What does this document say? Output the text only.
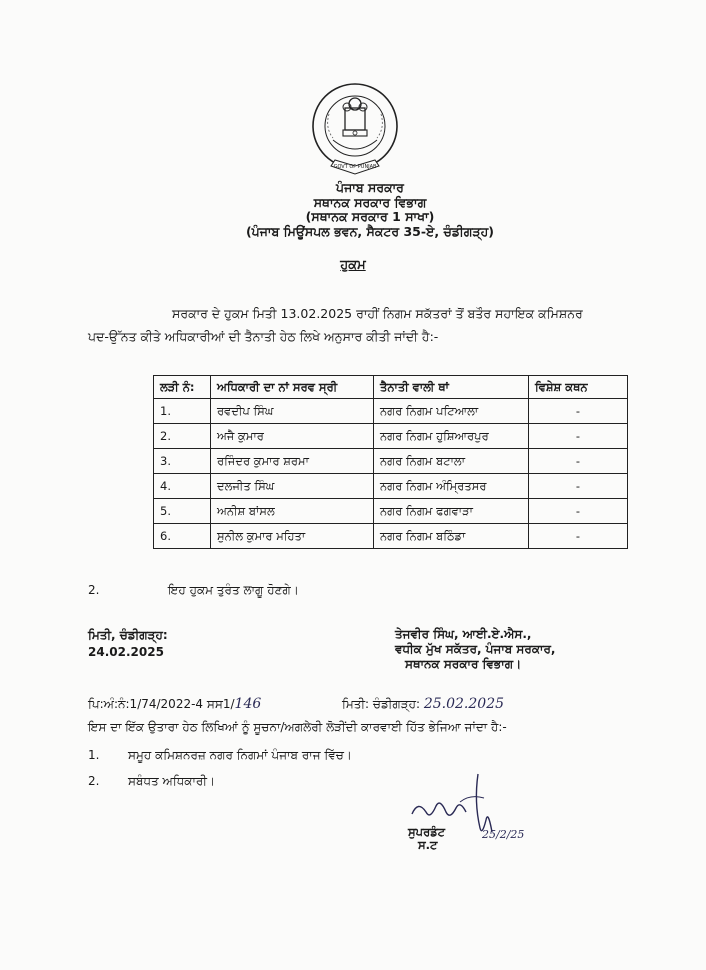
GOVT OF PUNJAB
ਪੰਜਾਬ ਸਰਕਾਰ
ਸਥਾਨਕ ਸਰਕਾਰ ਵਿਭਾਗ
(ਸਥਾਨਕ ਸਰਕਾਰ 1 ਸਾਖਾ)
(ਪੰਜਾਬ ਮਿਊਂਸਪਲ ਭਵਨ, ਸੈਕਟਰ 35-ਏ, ਚੰਡੀਗੜ੍ਹ)
ਹੁਕਮ
ਸਰਕਾਰ ਦੇ ਹੁਕਮ ਮਿਤੀ 13.02.2025 ਰਾਹੀਂ ਨਿਗਮ ਸਕੱਤਰਾਂ ਤੋਂ ਬਤੌਰ ਸਹਾਇਕ ਕਮਿਸ਼ਨਰ
ਪਦ-ਉੱਨਤ ਕੀਤੇ ਅਧਿਕਾਰੀਆਂ ਦੀ ਤੈਨਾਤੀ ਹੇਠ ਲਿਖੇ ਅਨੁਸਾਰ ਕੀਤੀ ਜਾਂਦੀ ਹੈ:-
ਲੜੀ ਨੰ:	ਅਧਿਕਾਰੀ ਦਾ ਨਾਂ ਸਰਵ ਸ੍ਰੀ	ਤੈਨਾਤੀ ਵਾਲੀ ਥਾਂ	ਵਿਸ਼ੇਸ਼ ਕਥਨ
1.	ਰਵਦੀਪ ਸਿੰਘ	ਨਗਰ ਨਿਗਮ ਪਟਿਆਲਾ	-
2.	ਅਜੈ ਕੁਮਾਰ	ਨਗਰ ਨਿਗਮ ਹੁਸ਼ਿਆਰਪੁਰ	-
3.	ਰਜਿੰਦਰ ਕੁਮਾਰ ਸ਼ਰਮਾ	ਨਗਰ ਨਿਗਮ ਬਟਾਲਾ	-
4.	ਦਲਜੀਤ ਸਿੰਘ	ਨਗਰ ਨਿਗਮ ਅੰਮ੍ਰਿਤਸਰ	-
5.	ਅਨੀਸ਼ ਬਾਂਸਲ	ਨਗਰ ਨਿਗਮ ਫਗਵਾੜਾ	-
6.	ਸੁਨੀਲ ਕੁਮਾਰ ਮਹਿਤਾ	ਨਗਰ ਨਿਗਮ ਬਠਿੰਡਾ	-
2.	ਇਹ ਹੁਕਮ ਤੁਰੰਤ ਲਾਗੂ ਹੋਣਗੇ।
ਮਿਤੀ, ਚੰਡੀਗੜ੍ਹ:
24.02.2025
ਤੇਜਵੀਰ ਸਿੰਘ, ਆਈ.ਏ.ਐਸ.,
ਵਧੀਕ ਮੁੱਖ ਸਕੱਤਰ, ਪੰਜਾਬ ਸਰਕਾਰ,
ਸਥਾਨਕ ਸਰਕਾਰ ਵਿਭਾਗ।
ਪਿ:ਅੰ:ਨੰ:1/74/2022-4 ਸਸ1/146	ਮਿਤੀ: ਚੰਡੀਗੜ੍ਹ: 25.02.2025
ਇਸ ਦਾ ਇੱਕ ਉਤਾਰਾ ਹੇਠ ਲਿਖਿਆਂ ਨੂੰ ਸੂਚਨਾ/ਅਗਲੇਰੀ ਲੋੜੀਂਦੀ ਕਾਰਵਾਈ ਹਿੱਤ ਭੇਜਿਆ ਜਾਂਦਾ ਹੈ:-
1. ਸਮੂਹ ਕਮਿਸ਼ਨਰਜ਼ ਨਗਰ ਨਿਗਮਾਂ ਪੰਜਾਬ ਰਾਜ ਵਿੱਚ।
2. ਸਬੰਧਤ ਅਧਿਕਾਰੀ।
25/2/25
ਸੁਪਰਡੰਟ
ਸ.ਟ
